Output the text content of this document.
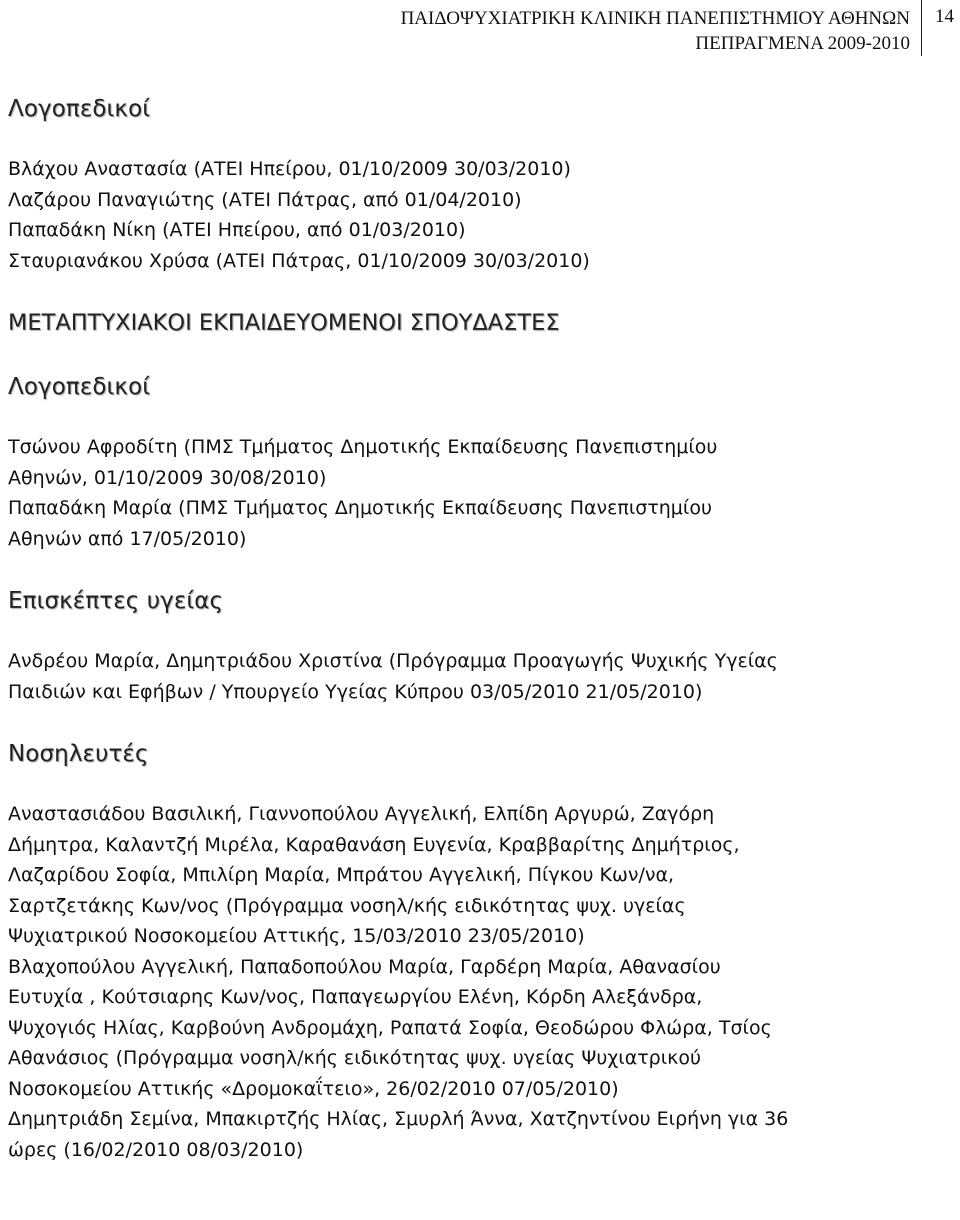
ΠΑΙΔΟΨΥΧΙΑΤΡΙΚΗ ΚΛΙΝΙΚΗ ΠΑΝΕΠΙΣΤΗΜΙΟΥ ΑΘΗΝΩΝ
ΠΕΠΡΑΓΜΕΝΑ 2009-2010
14
Λογοπεδικοί

Βλάχου Αναστασία (ΑΤΕΙ Ηπείρου, 01/10/2009 30/03/2010)

Λαζάρου Παναγιώτης (ΑΤΕΙ Πάτρας, από 01/04/2010)

Παπαδάκη Νίκη (ΑΤΕΙ Ηπείρου, από 01/03/2010)

Σταυριανάκου Χρύσα (ΑΤΕΙ Πάτρας, 01/10/2009 30/03/2010)

ΜΕΤΑΠΤΥΧΙΑΚΟΙ ΕΚΠΑΙΔΕΥΟΜΕΝΟΙ ΣΠΟΥΔΑΣΤΕΣ
Λογοπεδικοί

Τσώνου Αφροδίτη (ΠΜΣ Τμήματος Δημοτικής Εκπαίδευσης Πανεπιστημίου

Αθηνών, 01/10/2009 30/08/2010)

Παπαδάκη Μαρία (ΠΜΣ Τμήματος Δημοτικής Εκπαίδευσης Πανεπιστημίου

Αθηνών από 17/05/2010)

Επισκέπτες υγείας

Ανδρέου Μαρία, Δημητριάδου Χριστίνα (Πρόγραμμα Προαγωγής Ψυχικής Υγείας

Παιδιών και Εφήβων / Υπουργείο Υγείας Κύπρου 03/05/2010 21/05/2010)

Νοσηλευτές

Αναστασιάδου Βασιλική, Γιαννοπούλου Αγγελική, Ελπίδη Αργυρώ, Ζαγόρη

Δήμητρα, Καλαντζή Μιρέλα, Καραθανάση Ευγενία, Κραββαρίτης Δημήτριος,

Λαζαρίδου Σοφία, Μπιλίρη Μαρία, Μπράτου Αγγελική, Πίγκου Κων/να,

Σαρτζετάκης Κων/νος (Πρόγραμμα νοσηλ/κής ειδικότητας ψυχ. υγείας

Ψυχιατρικού Νοσοκομείου Αττικής, 15/03/2010 23/05/2010)

Βλαχοπούλου Αγγελική, Παπαδοπούλου Μαρία, Γαρδέρη Μαρία, Αθανασίου

Ευτυχία , Κούτσιαρης Κων/νος, Παπαγεωργίου Ελένη, Κόρδη Αλεξάνδρα,

Ψυχογιός Ηλίας, Καρβούνη Ανδρομάχη, Ραπατά Σοφία, Θεοδώρου Φλώρα, Τσίος

Αθανάσιος (Πρόγραμμα νοσηλ/κής ειδικότητας ψυχ. υγείας Ψυχιατρικού

Νοσοκομείου Αττικής «Δρομοκαΐτειο», 26/02/2010 07/05/2010)

Δημητριάδη Σεμίνα, Μπακιρτζής Ηλίας, Σμυρλή Άννα, Χατζηντίνου Ειρήνη για 36

ώρες (16/02/2010 08/03/2010)
